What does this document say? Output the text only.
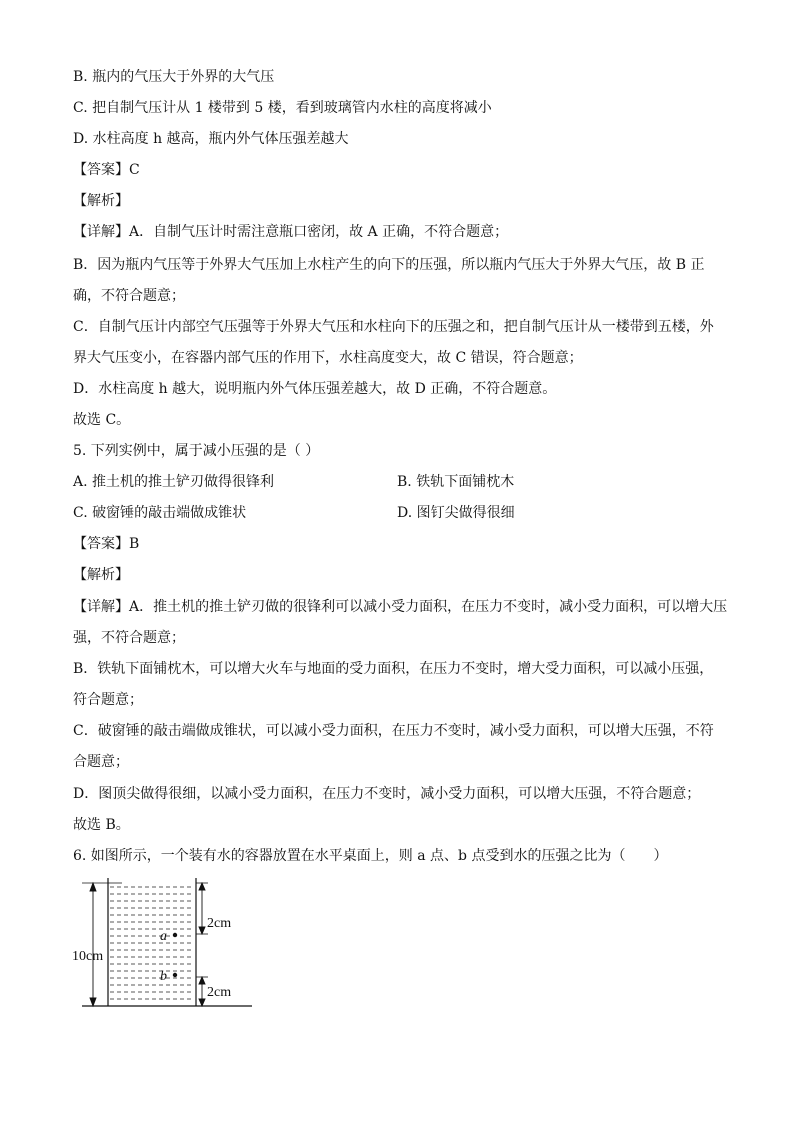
B. 瓶内的气压大于外界的大气压
C. 把自制气压计从 1 楼带到 5 楼，看到玻璃管内水柱的高度将减小
D. 水柱高度 h 越高，瓶内外气体压强差越大
【答案】C
【解析】
【详解】A．自制气压计时需注意瓶口密闭，故 A 正确，不符合题意；
B．因为瓶内气压等于外界大气压加上水柱产生的向下的压强，所以瓶内气压大于外界大气压，故 B 正
确，不符合题意；
C．自制气压计内部空气压强等于外界大气压和水柱向下的压强之和，把自制气压计从一楼带到五楼，外
界大气压变小，在容器内部气压的作用下，水柱高度变大，故 C 错误，符合题意；
D．水柱高度 h 越大，说明瓶内外气体压强差越大，故 D 正确，不符合题意。
故选 C。
5. 下列实例中，属于减小压强的是（ ）
A. 推土机的推土铲刃做得很锋利	B. 铁轨下面铺枕木
C. 破窗锤的敲击端做成锥状	D. 图钉尖做得很细
【答案】B
【解析】
【详解】A．推土机的推土铲刃做的很锋利可以减小受力面积，在压力不变时，减小受力面积，可以增大压
强，不符合题意；
B．铁轨下面铺枕木，可以增大火车与地面的受力面积，在压力不变时，增大受力面积，可以减小压强，
符合题意；
C．破窗锤的敲击端做成锥状，可以减小受力面积，在压力不变时，减小受力面积，可以增大压强，不符
合题意；
D．图顶尖做得很细，以减小受力面积，在压力不变时，减小受力面积，可以增大压强，不符合题意；
故选 B。
6. 如图所示，一个装有水的容器放置在水平桌面上，则 a 点、b 点受到水的压强之比为（　　）
a
b
10cm
2cm
2cm
